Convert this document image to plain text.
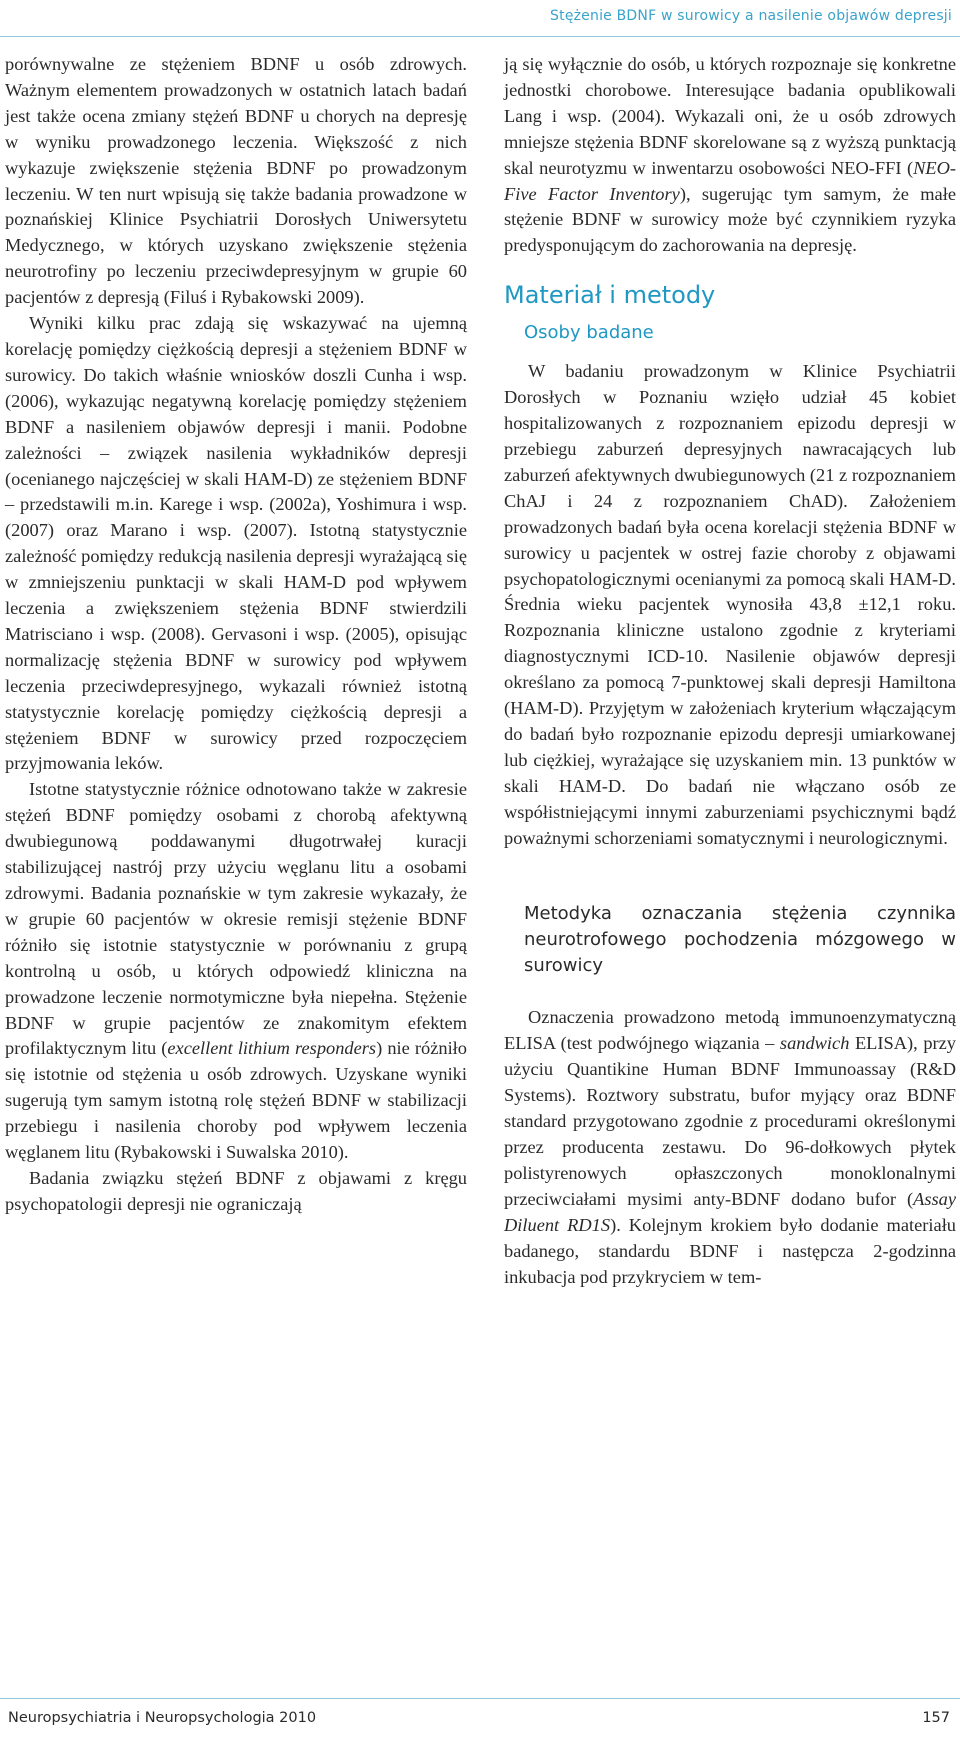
Stężenie BDNF w surowicy a nasilenie objawów depresji

porównywalne ze stężeniem BDNF u osób zdrowych. Ważnym elementem prowadzonych w ostatnich latach badań jest także ocena zmiany stężeń BDNF u chorych na depresję w wyniku prowadzonego leczenia. Większość z nich wykazuje zwiększenie stężenia BDNF po prowadzonym leczeniu. W ten nurt wpisują się także badania prowadzone w poznańskiej Klinice Psychiatrii Dorosłych Uniwersytetu Medycznego, w których uzyskano zwiększenie stężenia neurotrofiny po leczeniu przeciwdepresyjnym w grupie 60 pacjentów z depresją (Filuś i Rybakowski 2009).

Wyniki kilku prac zdają się wskazywać na ujemną korelację pomiędzy ciężkością depresji a stężeniem BDNF w surowicy. Do takich właśnie wniosków doszli Cunha i wsp. (2006), wykazując negatywną korelację pomiędzy stężeniem BDNF a nasileniem objawów depresji i manii. Podobne zależności – związek nasilenia wykładników depresji (ocenianego najczęściej w skali HAM-D) ze stężeniem BDNF – przedstawili m.in. Karege i wsp. (2002a), Yoshimura i wsp. (2007) oraz Marano i wsp. (2007). Istotną statystycznie zależność pomiędzy redukcją nasilenia depresji wyrażającą się w zmniejszeniu punktacji w skali HAM-D pod wpływem leczenia a zwiększeniem stężenia BDNF stwierdzili Matrisciano i wsp. (2008). Gervasoni i wsp. (2005), opisując normalizację stężenia BDNF w surowicy pod wpływem leczenia przeciwdepresyjnego, wykazali również istotną statystycznie korelację pomiędzy ciężkością depresji a stężeniem BDNF w surowicy przed rozpoczęciem przyjmowania leków.

Istotne statystycznie różnice odnotowano także w zakresie stężeń BDNF pomiędzy osobami z chorobą afektywną dwubiegunową poddawanymi długotrwałej kuracji stabilizującej nastrój przy użyciu węglanu litu a osobami zdrowymi. Badania poznańskie w tym zakresie wykazały, że w grupie 60 pacjentów w okresie remisji stężenie BDNF różniło się istotnie statystycznie w porównaniu z grupą kontrolną u osób, u których odpowiedź kliniczna na prowadzone leczenie normotymiczne była niepełna. Stężenie BDNF w grupie pacjentów ze znakomitym efektem profilaktycznym litu (excellent lithium responders) nie różniło się istotnie od stężenia u osób zdrowych. Uzyskane wyniki sugerują tym samym istotną rolę stężeń BDNF w stabilizacji przebiegu i nasilenia choroby pod wpływem leczenia węglanem litu (Rybakowski i Suwalska 2010).

Badania związku stężeń BDNF z objawami z kręgu psychopatologii depresji nie ograniczają

ją się wyłącznie do osób, u których rozpoznaje się konkretne jednostki chorobowe. Interesujące badania opublikowali Lang i wsp. (2004). Wykazali oni, że u osób zdrowych mniejsze stężenia BDNF skorelowane są z wyższą punktacją skal neurotyzmu w inwentarzu osobowości NEO-FFI (NEO-Five Factor Inventory), sugerując tym samym, że małe stężenie BDNF w surowicy może być czynnikiem ryzyka predysponującym do zachorowania na depresję.

Materiał i metody
Osoby badane

W badaniu prowadzonym w Klinice Psychiatrii Dorosłych w Poznaniu wzięło udział 45 kobiet hospitalizowanych z rozpoznaniem epizodu depresji w przebiegu zaburzeń depresyjnych nawracających lub zaburzeń afektywnych dwubiegunowych (21 z rozpoznaniem ChAJ i 24 z rozpoznaniem ChAD). Założeniem prowadzonych badań była ocena korelacji stężenia BDNF w surowicy u pacjentek w ostrej fazie choroby z objawami psychopatologicznymi ocenianymi za pomocą skali HAM-D. Średnia wieku pacjentek wynosiła 43,8 ±12,1 roku. Rozpoznania kliniczne ustalono zgodnie z kryteriami diagnostycznymi ICD-10. Nasilenie objawów depresji określano za pomocą 7-punktowej skali depresji Hamiltona (HAM-D). Przyjętym w założeniach kryterium włączającym do badań było rozpoznanie epizodu depresji umiarkowanej lub ciężkiej, wyrażające się uzyskaniem min. 13 punktów w skali HAM-D. Do badań nie włączano osób ze współistniejącymi innymi zaburzeniami psychicznymi bądź poważnymi schorzeniami somatycznymi i neurologicznymi.

Metodyka oznaczania stężenia czynnika neurotrofowego pochodzenia mózgowego w surowicy

Oznaczenia prowadzono metodą immunoenzymatyczną ELISA (test podwójnego wiązania – sandwich ELISA), przy użyciu Quantikine Human BDNF Immunoassay (R&D Systems). Roztwory substratu, bufor myjący oraz BDNF standard przygotowano zgodnie z procedurami określonymi przez producenta zestawu. Do 96-dołkowych płytek polistyrenowych opłaszczonych monoklonalnymi przeciwciałami mysimi anty-BDNF dodano bufor (Assay Diluent RD1S). Kolejnym krokiem było dodanie materiału badanego, standardu BDNF i następcza 2-godzinna inkubacja pod przykryciem w tem-

Neuropsychiatria i Neuropsychologia 2010	157
